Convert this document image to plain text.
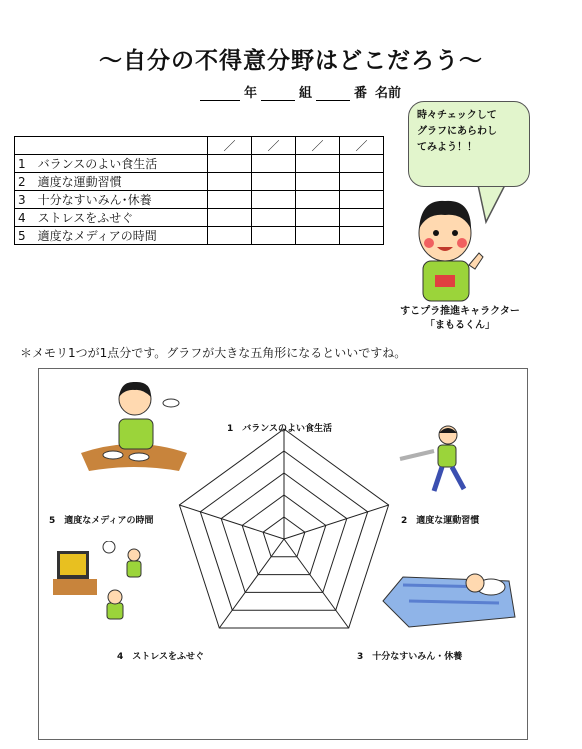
～自分の不得意分野はどこだろう～
年	組	番 名前
	／	／	／	／
1　 バランスのよい食生活				
2　 適度な運動習慣				
3　 十分なすいみん･休養				
4　 ストレスをふせぐ				
5　 適度なメディアの時間				
時々チェックして
グラフにあらわし
てみよう！！
すこプラ推進キャラクター
「まもるくん」
＊メモリ1つが1点分です。グラフが大きな五角形になるといいですね。
1　バランスのよい食生活
2　適度な運動習慣
3　十分なすいみん・休養
4　ストレスをふせぐ
5　適度なメディアの時間
